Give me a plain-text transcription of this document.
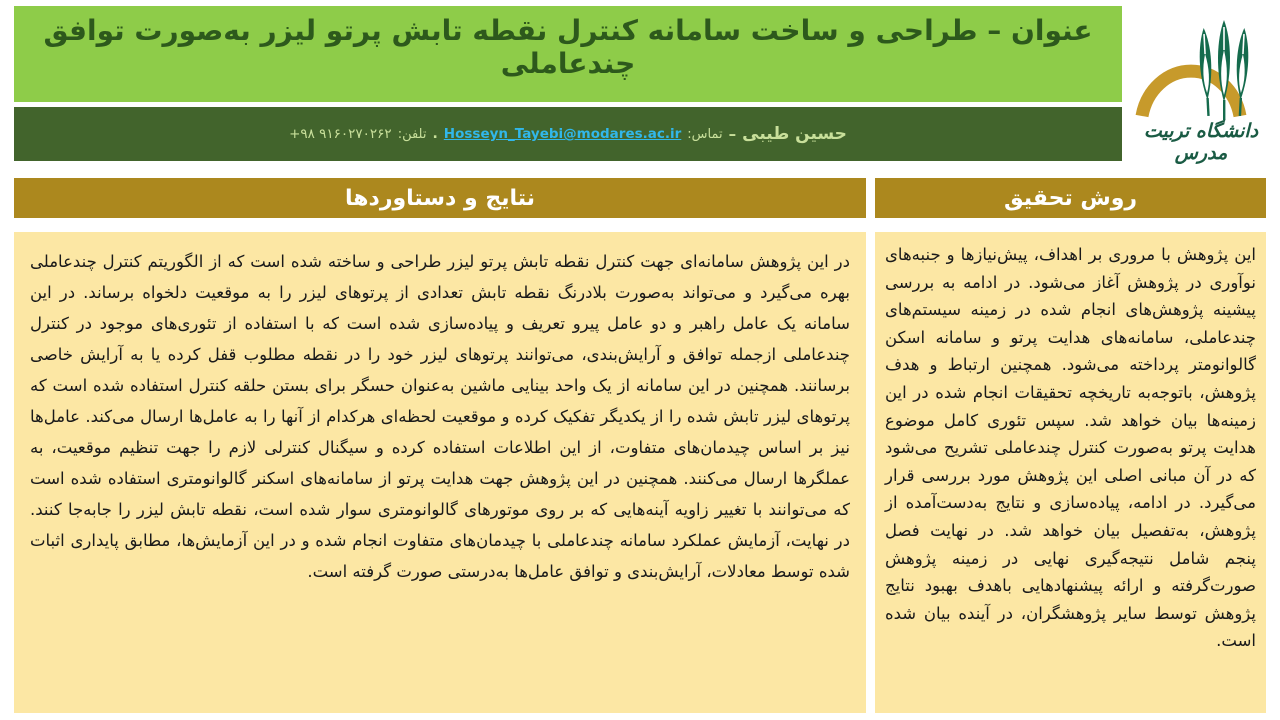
عنوان – طراحی و ساخت سامانه کنترل نقطه تابش پرتو لیزر به‌صورت توافق چندعاملی
حسین طیبی
–
تماس:
Hosseyn_Tayebi@modares.ac.ir
.
تلفن:
+۹۸ ۹۱۶۰۲۷۰۲۶۲	دانشگاه تربیت مدرس
نتایج و دستاوردها

در این پژوهش سامانه‌ای جهت کنترل نقطه تابش پرتو لیزر طراحی و ساخته شده است که از الگوریتم کنترل چندعاملی بهره می‌گیرد و می‌تواند به‌صورت بلادرنگ نقطه تابش تعدادی از پرتوهای لیزر را به موقعیت دلخواه برساند. در این سامانه یک عامل راهبر و دو عامل پیرو تعریف و پیاده‌سازی شده است که با استفاده از تئوری‌های موجود در کنترل چندعاملی ازجمله توافق و آرایش‌بندی، می‌توانند پرتوهای لیزر خود را در نقطه مطلوب قفل کرده یا به آرایش خاصی برسانند. همچنین در این سامانه از یک واحد بینایی ماشین به‌عنوان حسگر برای بستن حلقه کنترل استفاده شده است که پرتوهای لیزر تابش شده را از یکدیگر تفکیک کرده و موقعیت لحظه‌ای هرکدام از آنها را به عامل‌ها ارسال می‌کند. عامل‌ها نیز بر اساس چیدمان‌های متفاوت، از این اطلاعات استفاده کرده و سیگنال کنترلی لازم را جهت تنظیم موقعیت، به عملگرها ارسال می‌کنند. همچنین در این پژوهش جهت هدایت پرتو از سامانه‌های اسکنر گالوانومتری استفاده شده است که می‌توانند با تغییر زاویه آینه‌هایی که بر روی موتورهای گالوانومتری سوار شده است، نقطه تابش لیزر را جابه‌جا کنند. در نهایت، آزمایش عملکرد سامانه چندعاملی با چیدمان‌های متفاوت انجام شده و در این آزمایش‌ها، مطابق پایداری اثبات شده توسط معادلات، آرایش‌بندی و توافق عامل‌ها به‌درستی صورت گرفته است.

روش تحقیق

این پژوهش با مروری بر اهداف، پیش‌نیازها و جنبه‌های نوآوری در پژوهش آغاز می‌شود. در ادامه به بررسی پیشینه پژوهش‌های انجام شده در زمینه سیستم‌های چندعاملی، سامانه‌های هدایت پرتو و سامانه اسکن گالوانومتر پرداخته می‌شود. همچنین ارتباط و هدف پژوهش، باتوجه‌به تاریخچه تحقیقات انجام شده در این زمینه‌ها بیان خواهد شد. سپس تئوری کامل موضوع هدایت پرتو به‌صورت کنترل چندعاملی تشریح می‌شود که در آن مبانی اصلی این پژوهش مورد بررسی قرار می‌گیرد. در ادامه، پیاده‌سازی و نتایج به‌دست‌آمده از پژوهش، به‌تفصیل بیان خواهد شد. در نهایت فصل پنجم شامل نتیجه‌گیری نهایی در زمینه پژوهش صورت‌گرفته و ارائه پیشنهادهایی باهدف بهبود نتایج پژوهش توسط سایر پژوهشگران، در آینده بیان شده است.
